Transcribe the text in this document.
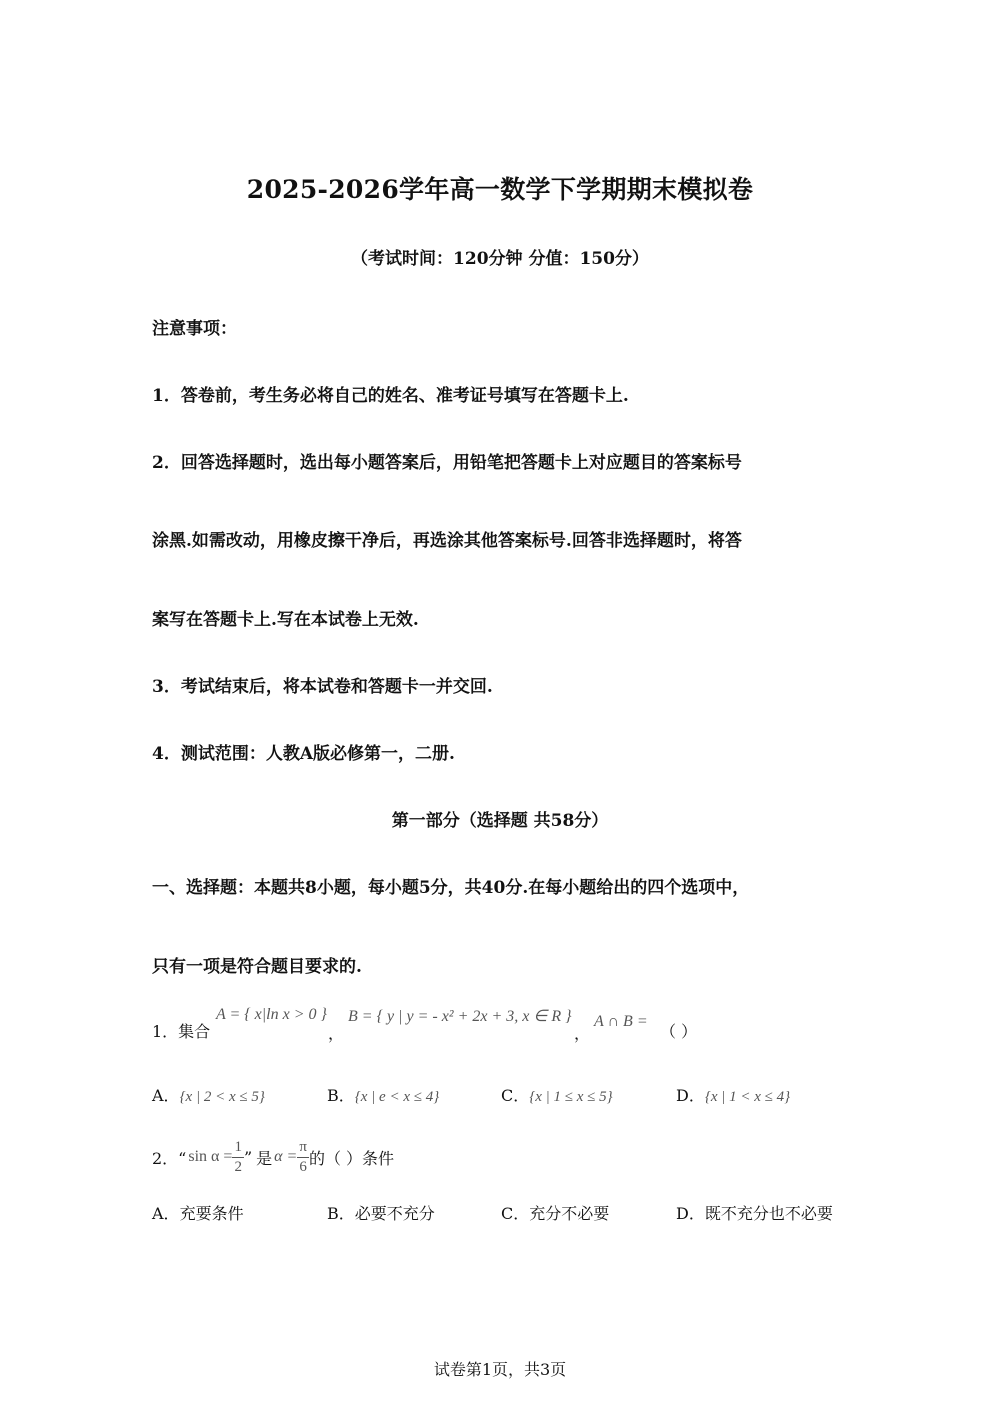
2025-2026学年高一数学下学期期末模拟卷
（考试时间：120分钟 分值：150分）
注意事项：
1．答卷前，考生务必将自己的姓名、准考证号填写在答题卡上.
2．回答选择题时，选出每小题答案后，用铅笔把答题卡上对应题目的答案标号
涂黑.如需改动，用橡皮擦干净后，再选涂其他答案标号.回答非选择题时，将答
案写在答题卡上.写在本试卷上无效.
3．考试结束后，将本试卷和答题卡一并交回.
4．测试范围：人教A版必修第一，二册.
第一部分（选择题 共58分）
一、选择题：本题共8小题，每小题5分，共40分.在每小题给出的四个选项中，
只有一项是符合题目要求的.
1．集合
A = { x|ln x > 0 }
，
B = { y | y = - x² + 2x + 3, x ∈ R }
，
A ∩ B =
（ ）
A．{x | 2 < x ≤ 5}	B．{x | e < x ≤ 4}	C．{x | 1 ≤ x ≤ 5}	D．{x | 1 < x ≤ 4}
2．“ $\sin \alpha = \frac{1}{2}$ ” 是 $\alpha = \frac{\pi}{6}$ 的（ ）条件
A．充要条件	B．必要不充分	C．充分不必要	D．既不充分也不必要
试卷第1页，共3页
